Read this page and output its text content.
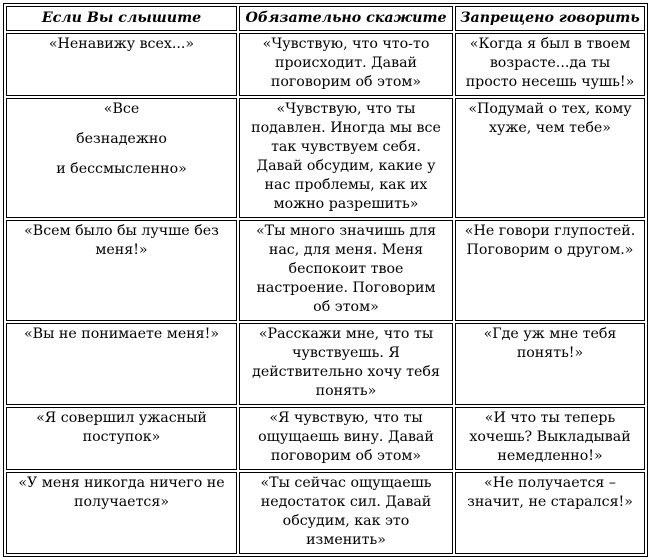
Если Вы слышите	Обязательно скажите	Запрещено говорить

«Ненавижу всех...»	«Чувствую, что что-то происходит. Давай поговорим об этом»	«Когда я был в твоем возрасте...да ты просто несешь чушь!»

«Все

безнадежно

и бессмысленно»	«Чувствую, что ты подавлен. Иногда мы все так чувствуем себя. Давай обсудим, какие у нас проблемы, как их можно разрешить»	«Подумай о тех, кому хуже, чем тебе»

«Всем было бы лучше без меня!»	«Ты много значишь для нас, для меня. Меня беспокоит твое настроение. Поговорим об этом»	«Не говори глупостей. Поговорим о другом.»

«Вы не понимаете меня!»	«Расскажи мне, что ты чувствуешь. Я действительно хочу тебя понять»	«Где уж мне тебя понять!»

«Я совершил ужасный поступок»	«Я чувствую, что ты ощущаешь вину. Давай поговорим об этом»	«И что ты теперь хочешь? Выкладывай немедленно!»

«У меня никогда ничего не получается»	«Ты сейчас ощущаешь недостаток сил. Давай обсудим, как это изменить»	«Не получается – значит, не старался!»
